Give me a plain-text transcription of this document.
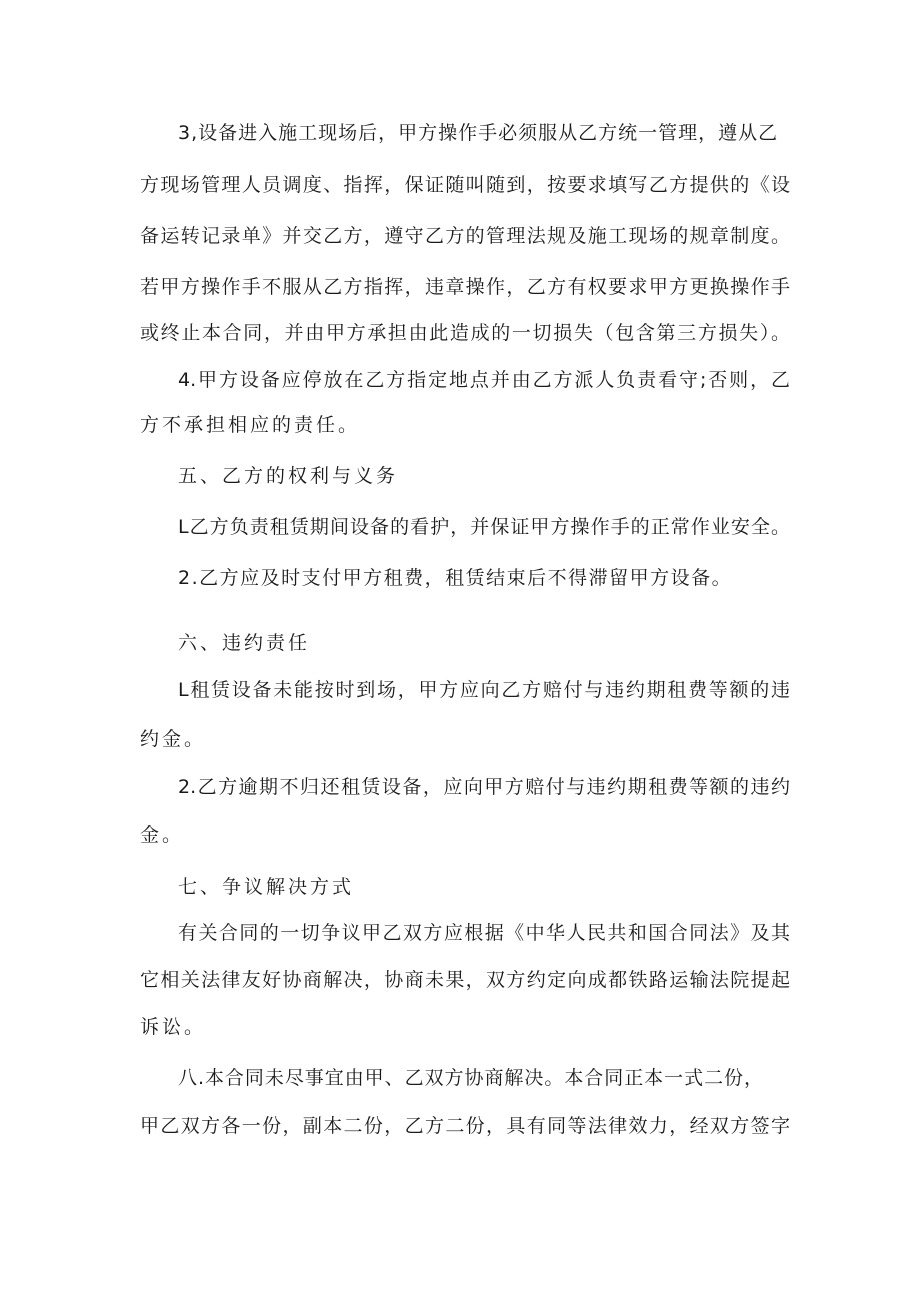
3,设备进入施工现场后，甲方操作手必须服从乙方统一管理，遵从乙
方现场管理人员调度、指挥，保证随叫随到，按要求填写乙方提供的《设
备运转记录单》并交乙方，遵守乙方的管理法规及施工现场的规章制度。
若甲方操作手不服从乙方指挥，违章操作，乙方有权要求甲方更换操作手
或终止本合同，并由甲方承担由此造成的一切损失（包含第三方损失）。
4.甲方设备应停放在乙方指定地点并由乙方派人负责看守;否则，乙
方不承担相应的责任。
五、乙方的权利与义务
L乙方负责租赁期间设备的看护，并保证甲方操作手的正常作业安全。
2.乙方应及时支付甲方租费，租赁结束后不得滞留甲方设备。
六、违约责任
L租赁设备未能按时到场，甲方应向乙方赔付与违约期租费等额的违
约金。
2.乙方逾期不归还租赁设备，应向甲方赔付与违约期租费等额的违约
金。
七、争议解决方式
有关合同的一切争议甲乙双方应根据《中华人民共和国合同法》及其
它相关法律友好协商解决，协商未果，双方约定向成都铁路运输法院提起
诉讼。
八.本合同未尽事宜由甲、乙双方协商解决。本合同正本一式二份，
甲乙双方各一份，副本二份，乙方二份，具有同等法律效力，经双方签字
